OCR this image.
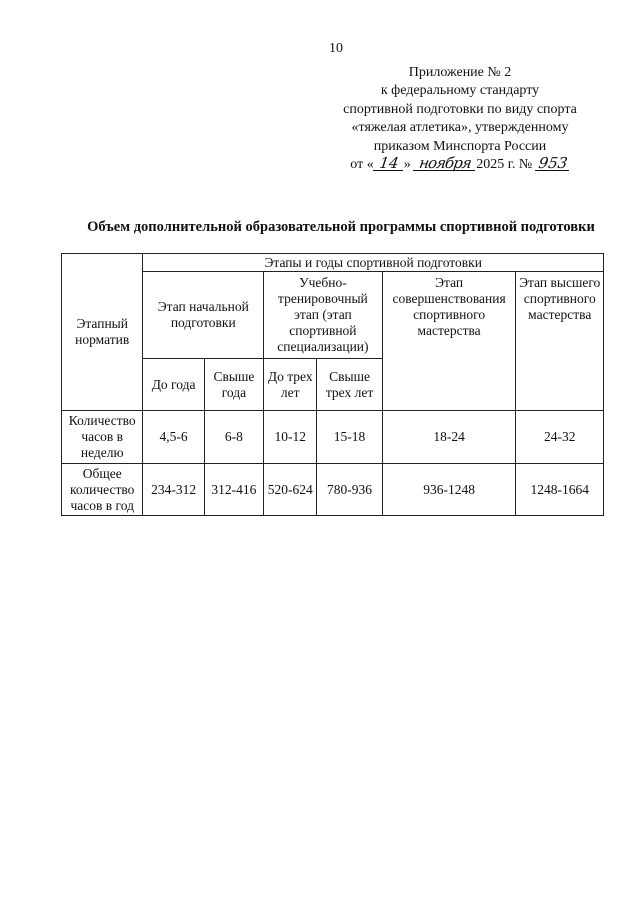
10
Приложение № 2
к федеральному стандарту
спортивной подготовки по виду спорта
«тяжелая атлетика», утвержденному
приказом Минспорта России
от « 14 » ноября 2025 г. № 953
Объем дополнительной образовательной программы спортивной подготовки
Этапный норматив	Этапы и годы спортивной подготовки					
	Этап начальной подготовки		Учебно-тренировочный этап (этап спортивной специализации)		Этап совершенствования спортивного мастерства	Этап высшего спортивного мастерства
	До года	Свыше года	До трех лет	Свыше трех лет		
Количество часов в неделю	4,5-6	6-8	10-12	15-18	18-24	24-32
Общее количество часов в год	234-312	312-416	520-624	780-936	936-1248	1248-1664
